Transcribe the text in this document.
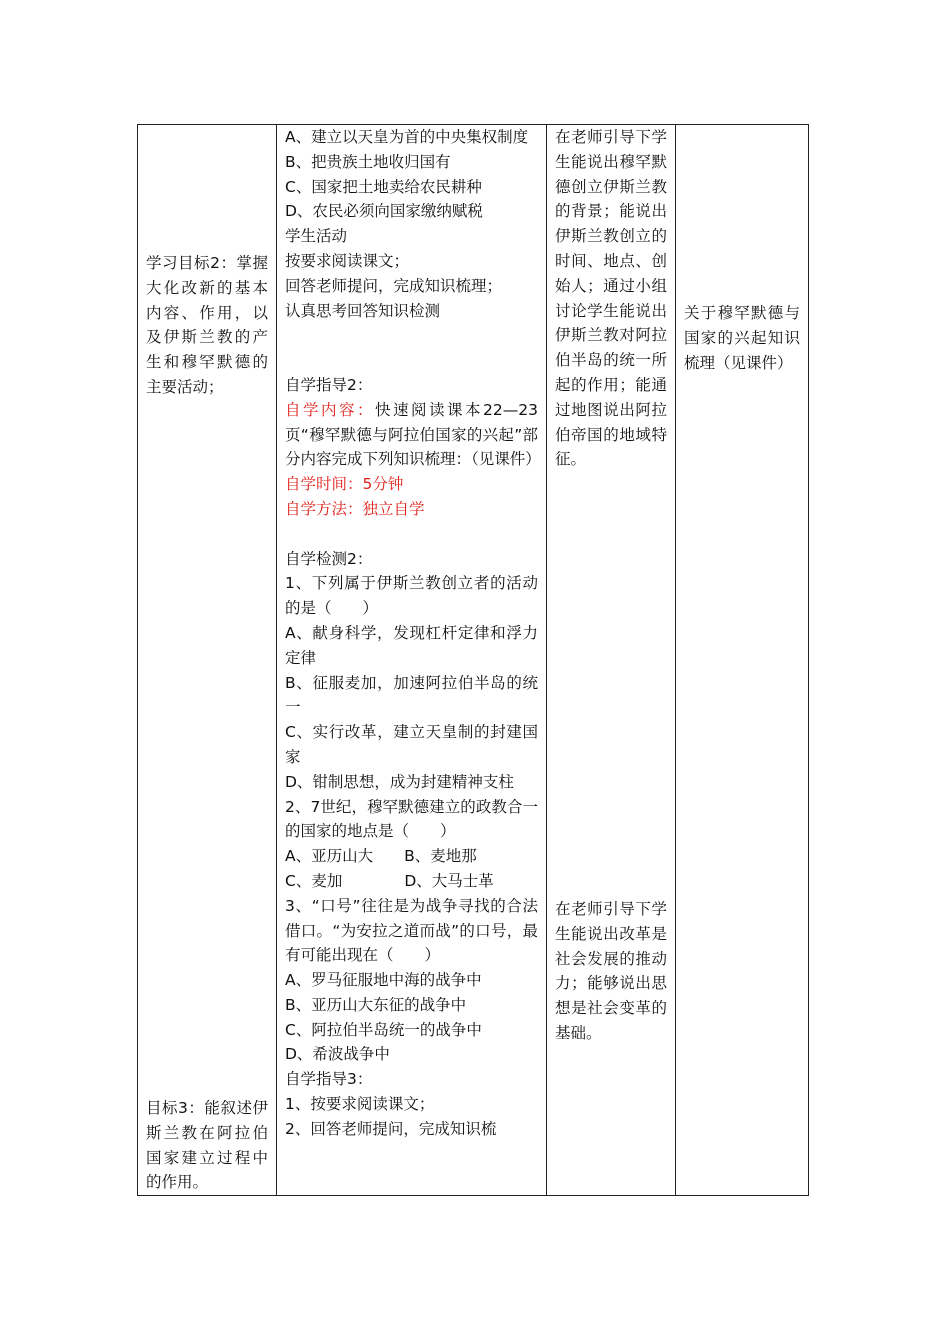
学习目标2：掌握大化改新的基本内容、作用，以及伊斯兰教的产生和穆罕默德的主要活动；
目标3：能叙述伊斯兰教在阿拉伯国家建立过程中的作用。

A、建立以天皇为首的中央集权制度
B、把贵族土地收归国有
C、国家把土地卖给农民耕种
D、农民必须向国家缴纳赋税
学生活动
按要求阅读课文；
回答老师提问，完成知识梳理；
认真思考回答知识检测
自学指导2：
自学内容：快速阅读课本22—23页“穆罕默德与阿拉伯国家的兴起”部分内容完成下列知识梳理：（见课件）
自学时间：5分钟
自学方法：独立自学
自学检测2：
1、下列属于伊斯兰教创立者的活动的是（　　）
A、献身科学，发现杠杆定律和浮力定律
B、征服麦加，加速阿拉伯半岛的统一
C、实行改革，建立天皇制的封建国家
D、钳制思想，成为封建精神支柱
2、7世纪，穆罕默德建立的政教合一的国家的地点是（　　）
A、亚历山大　　B、麦地那
C、麦加　　　　D、大马士革
3、“口号”往往是为战争寻找的合法借口。“为安拉之道而战”的口号，最有可能出现在（　　）
A、罗马征服地中海的战争中
B、亚历山大东征的战争中
C、阿拉伯半岛统一的战争中
D、希波战争中
自学指导3：
1、按要求阅读课文；
2、回答老师提问，完成知识梳

在老师引导下学生能说出穆罕默德创立伊斯兰教的背景；能说出伊斯兰教创立的时间、地点、创始人；通过小组讨论学生能说出伊斯兰教对阿拉伯半岛的统一所起的作用；能通过地图说出阿拉伯帝国的地域特征。
在老师引导下学生能说出改革是社会发展的推动力；能够说出思想是社会变革的基础。

关于穆罕默德与国家的兴起知识梳理（见课件）
